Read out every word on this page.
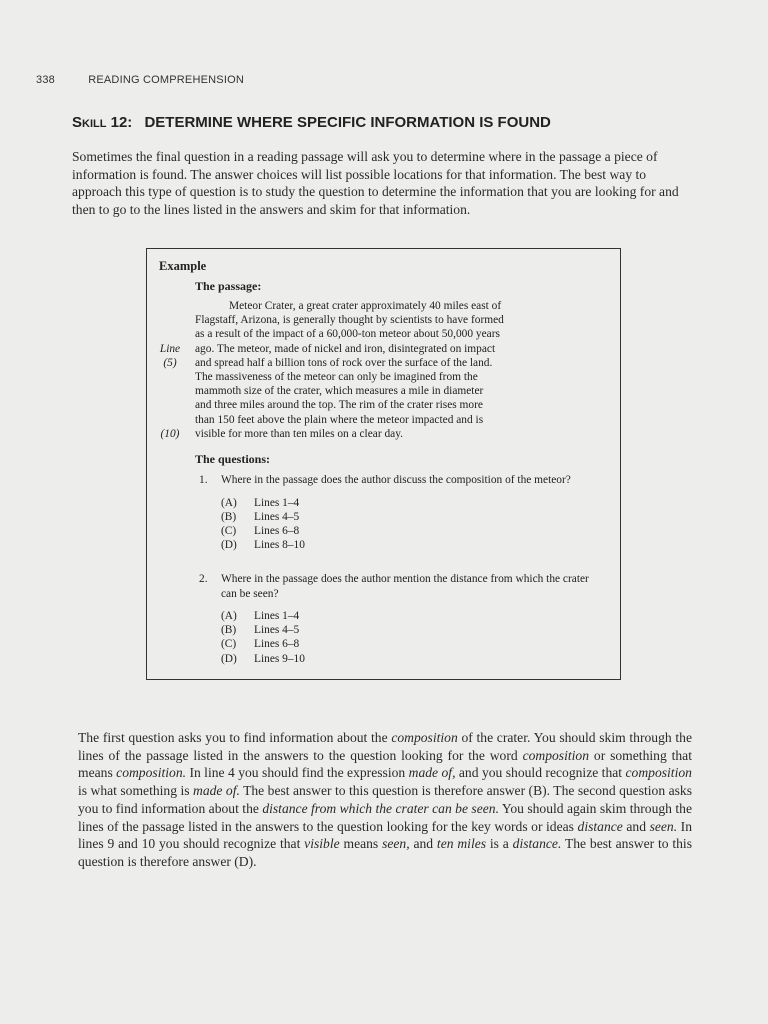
338	READING COMPREHENSION
Skill 12: DETERMINE WHERE SPECIFIC INFORMATION IS FOUND

Sometimes the final question in a reading passage will ask you to determine where in the passage a piece of information is found. The answer choices will list possible locations for that information. The best way to approach this type of question is to study the question to determine the information that you are looking for and then to go to the lines listed in the answers and skim for that information.

Example
The passage:
Meteor Crater, a great crater approximately 40 miles east of
Flagstaff, Arizona, is generally thought by scientists to have formed
as a result of the impact of a 60,000-ton meteor about 50,000 years
Line	ago. The meteor, made of nickel and iron, disintegrated on impact
(5)	and spread half a billion tons of rock over the surface of the land.
The massiveness of the meteor can only be imagined from the
mammoth size of the crater, which measures a mile in diameter
and three miles around the top. The rim of the crater rises more
than 150 feet above the plain where the meteor impacted and is
(10)	visible for more than ten miles on a clear day.
The questions:
1. Where in the passage does the author discuss the composition of the meteor?
(A) Lines 1–4
(B) Lines 4–5
(C) Lines 6–8
(D) Lines 8–10
2. Where in the passage does the author mention the distance from which the crater can be seen?
(A) Lines 1–4
(B) Lines 4–5
(C) Lines 6–8
(D) Lines 9–10

The first question asks you to find information about the composition of the crater. You should skim through the lines of the passage listed in the answers to the question looking for the word composition or something that means composition. In line 4 you should find the expression made of, and you should recognize that composition is what something is made of. The best answer to this question is therefore answer (B). The second question asks you to find information about the distance from which the crater can be seen. You should again skim through the lines of the passage listed in the answers to the question looking for the key words or ideas distance and seen. In lines 9 and 10 you should recognize that visible means seen, and ten miles is a distance. The best answer to this question is therefore answer (D).
